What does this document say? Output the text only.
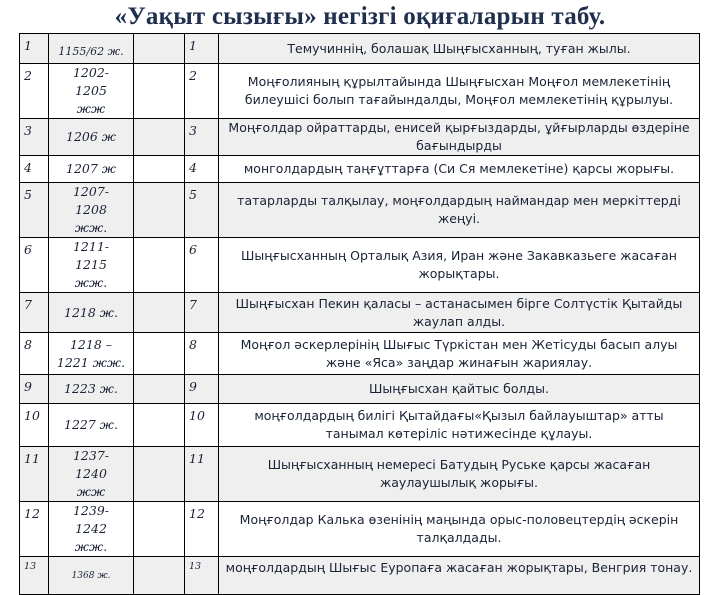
«Уақыт сызығы» негізгі оқиғаларын табу.
1	1155/62 ж.		1	Темучиннің, болашақ Шыңғысханның, туған жылы.
2	1202-1205 жж		2	Моңғолияның құрылтайында Шыңғысхан Моңғол мемлекетінің билеушісі болып тағайындалды, Моңғол мемлекетінің құрылуы.
3	1206 ж		3	Моңғолдар ойраттарды, енисей қырғыздарды, ұйғырларды өздеріне бағындырды
4	1207 ж		4	монголдардың таңғұттарға (Си Ся мемлекетіне) қарсы жорығы.
5	1207-1208 жж.		5	татарларды талқылау, моңғолдардың наймандар мен меркіттерді жеңуі.
6	1211-1215 жж.		6	Шыңғысханның Орталық Азия, Иран және Закавказьеге жасаған жорықтары.
7	1218 ж.		7	Шыңғысхан Пекин қаласы – астанасымен бірге Солтүстік Қытайды жаулап алды.
8	1218 – 1221 жж.		8	Моңғол әскерлерінің Шығыс Түркістан мен Жетісуды басып алуы және «Яса» заңдар жинағын жариялау.
9	1223 ж.		9	Шыңғысхан қайтыс болды.
10	1227 ж.		10	моңғолдардың билігі Қытайдағы«Қызыл байлауыштар» атты танымал көтеріліс нәтижесінде құлауы.
11	1237-1240 жж		11	Шыңғысханның немересі Батудың Руське қарсы жасаған жаулаушылық жорығы.
12	1239-1242 жж.		12	Моңғолдар Калька өзенінің маңында орыс-половецтердің әскерін талқалдады.
13	1368 ж.		13	моңғолдардың Шығыс Еуропаға жасаған жорықтары, Венгрия тонау.
